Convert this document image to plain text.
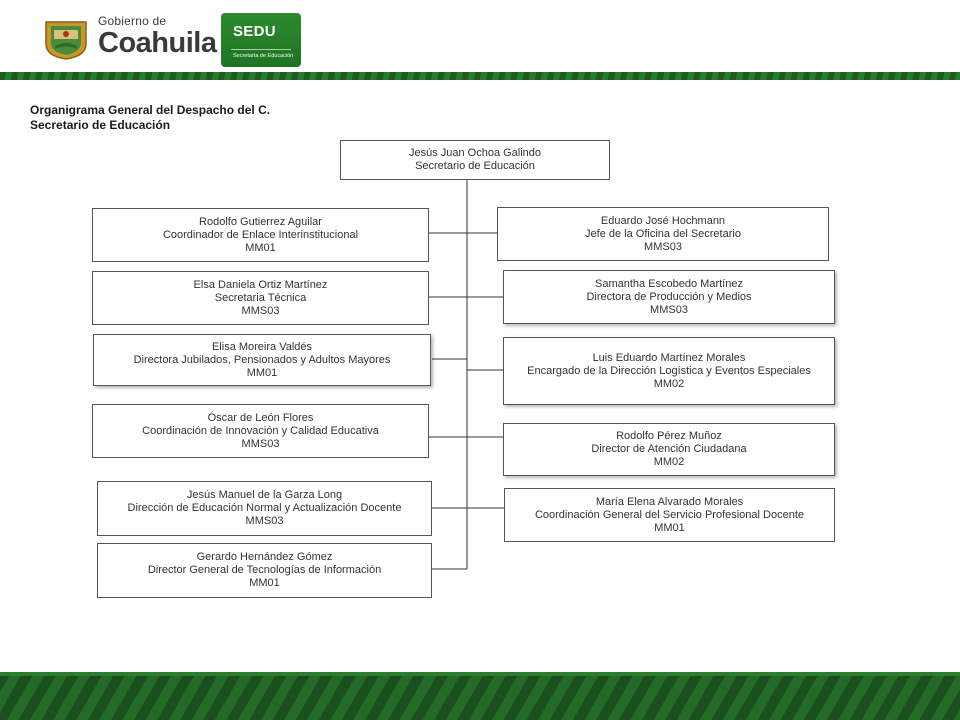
Gobierno de
Coahuila SEDU
Secretaría de Educación
Organigrama General del Despacho del C. Secretario de Educación
Jesús Juan Ochoa Galindo
Secretario de Educación
Rodolfo Gutierrez Aguilar
Coordinador de Enlace Interinstitucional
MM01
Elsa Daniela Ortiz Martínez
Secretaria Técnica
MMS03
Elisa Moreira Valdés
Directora Jubilados, Pensionados y Adultos Mayores
MM01
Óscar de León Flores
Coordinación de Innovación y Calidad Educativa
MMS03
Jesús Manuel de la Garza Long
Dirección de Educación Normal y Actualización Docente
MMS03
Gerardo Hernández Gómez
Director General de Tecnologías de Información
MM01
Eduardo José Hochmann
Jefe de la Oficina del Secretario
MMS03
Samantha Escobedo Martínez
Directora de Producción y Medios
MMS03
Luis Eduardo Martínez Morales
Encargado de la Dirección Logística y Eventos Especiales
MM02
Rodolfo Pérez Muñoz
Director de Atención Ciudadana
MM02
María Elena Alvarado Morales
Coordinación General del Servicio Profesional Docente
MM01
